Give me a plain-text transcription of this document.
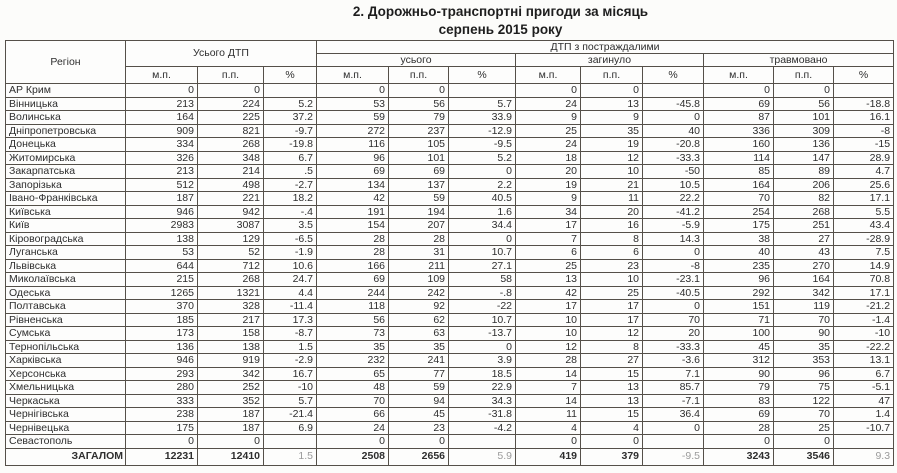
2. Дорожньо-транспортні пригоди за місяць
серпень 2015 року
Регіон	Усього ДТП			ДТП з постраждалими								
				усього			загинуло			травмовано		
	м.п.	п.п.	%	м.п.	п.п.	%	м.п.	п.п.	%	м.п.	п.п.	%
АР Крим	0	0		0	0		0	0		0	0	
Вінницька	213	224	5.2	53	56	5.7	24	13	-45.8	69	56	-18.8
Волинська	164	225	37.2	59	79	33.9	9	9	0	87	101	16.1
Дніпропетровська	909	821	-9.7	272	237	-12.9	25	35	40	336	309	-8
Донецька	334	268	-19.8	116	105	-9.5	24	19	-20.8	160	136	-15
Житомирська	326	348	6.7	96	101	5.2	18	12	-33.3	114	147	28.9
Закарпатська	213	214	.5	69	69	0	20	10	-50	85	89	4.7
Запорізька	512	498	-2.7	134	137	2.2	19	21	10.5	164	206	25.6
Івано-Франківська	187	221	18.2	42	59	40.5	9	11	22.2	70	82	17.1
Київська	946	942	-.4	191	194	1.6	34	20	-41.2	254	268	5.5
Київ	2983	3087	3.5	154	207	34.4	17	16	-5.9	175	251	43.4
Кіровоградська	138	129	-6.5	28	28	0	7	8	14.3	38	27	-28.9
Луганська	53	52	-1.9	28	31	10.7	6	6	0	40	43	7.5
Львівська	644	712	10.6	166	211	27.1	25	23	-8	235	270	14.9
Миколаївська	215	268	24.7	69	109	58	13	10	-23.1	96	164	70.8
Одеська	1265	1321	4.4	244	242	-.8	42	25	-40.5	292	342	17.1
Полтавська	370	328	-11.4	118	92	-22	17	17	0	151	119	-21.2
Рівненська	185	217	17.3	56	62	10.7	10	17	70	71	70	-1.4
Сумська	173	158	-8.7	73	63	-13.7	10	12	20	100	90	-10
Тернопільська	136	138	1.5	35	35	0	12	8	-33.3	45	35	-22.2
Харківська	946	919	-2.9	232	241	3.9	28	27	-3.6	312	353	13.1
Херсонська	293	342	16.7	65	77	18.5	14	15	7.1	90	96	6.7
Хмельницька	280	252	-10	48	59	22.9	7	13	85.7	79	75	-5.1
Черкаська	333	352	5.7	70	94	34.3	14	13	-7.1	83	122	47
Чернігівська	238	187	-21.4	66	45	-31.8	11	15	36.4	69	70	1.4
Чернівецька	175	187	6.9	24	23	-4.2	4	4	0	28	25	-10.7
Севастополь	0	0		0	0		0	0		0	0	
ЗАГАЛОМ	12231	12410	1.5	2508	2656	5.9	419	379	-9.5	3243	3546	9.3
